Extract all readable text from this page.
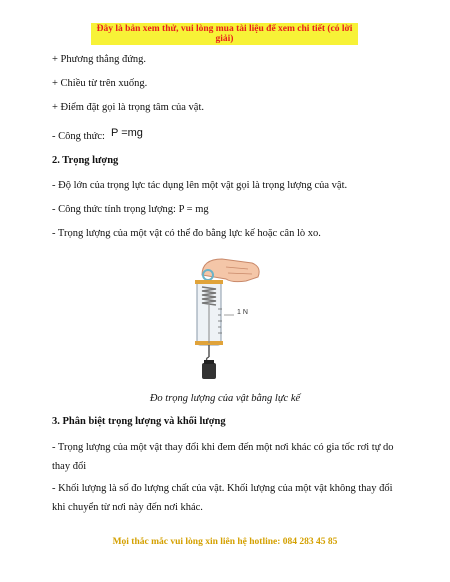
Đây là bản xem thử, vui lòng mua tài liệu để xem chi tiết (có lời giải)
+ Phương thẳng đứng.
+ Chiều từ trên xuống.
+ Điểm đặt gọi là trọng tâm của vật.
- Công thức: P =mg
2. Trọng lượng
- Độ lớn của trọng lực tác dụng lên một vật gọi là trọng lượng của vật.
- Công thức tính trọng lượng: P = mg
- Trọng lượng của một vật có thể đo bằng lực kế hoặc cân lò xo.
1 N
Đo trọng lượng của vật bằng lực kế
3. Phân biệt trọng lượng và khối lượng
- Trọng lượng của một vật thay đổi khi đem đến một nơi khác có gia tốc rơi tự do thay đổi
- Khối lượng là số đo lượng chất của vật. Khối lượng của một vật không thay đổi khi chuyển từ nơi này đến nơi khác.
Mọi thắc mắc vui lòng xin liên hệ hotline: 084 283 45 85
